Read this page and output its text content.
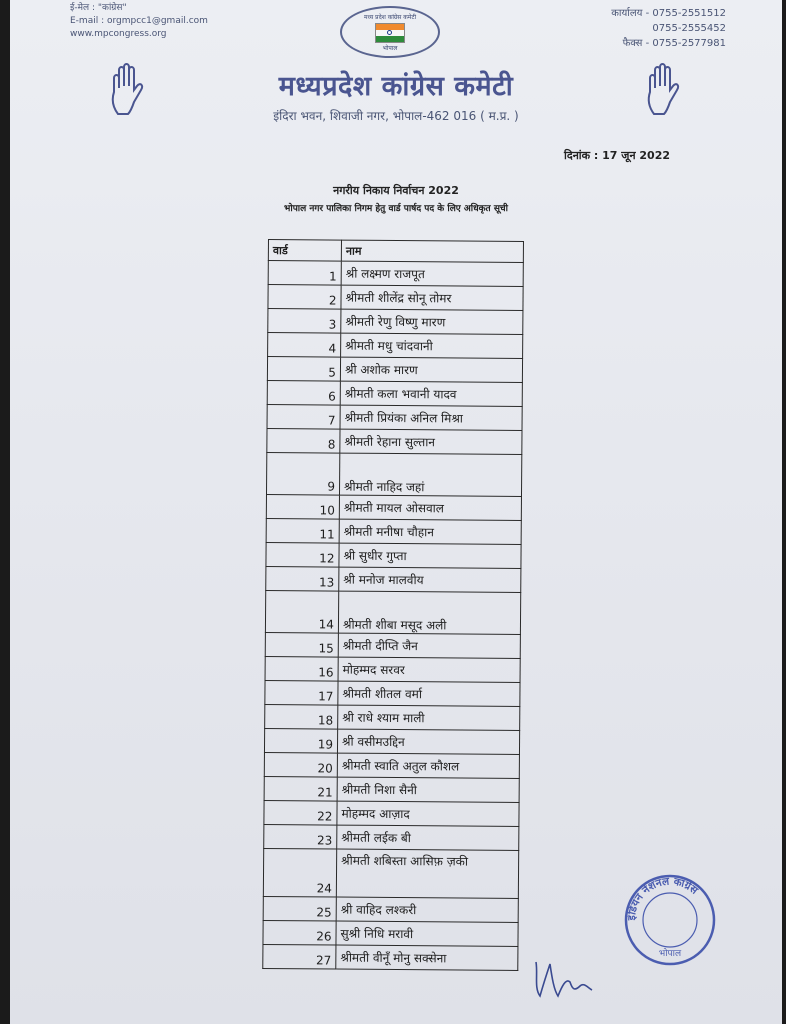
ई-मेल : "कांग्रेस"
E-mail : orgmpcc1@gmail.com
www.mpcongress.org
मध्य प्रदेश कांग्रेस कमेटी
भोपाल
कार्यालय - 0755-2551512
0755-2555452
फैक्स - 0755-2577981
मध्यप्रदेश कांग्रेस कमेटी
इंदिरा भवन, शिवाजी नगर, भोपाल-462 016 ( म.प्र. )
दिनांक : 17 जून 2022
नगरीय निकाय निर्वाचन 2022
भोपाल नगर पालिका निगम हेतु वार्ड पार्षद पद के लिए अधिकृत सूची
वार्ड	नाम
1	श्री लक्ष्मण राजपूत
2	श्रीमती शीलेंद्र सोनू तोमर
3	श्रीमती रेणु विष्णु मारण
4	श्रीमती मधु चांदवानी
5	श्री अशोक मारण
6	श्रीमती कला भवानी यादव
7	श्रीमती प्रियंका अनिल मिश्रा
8	श्रीमती रेहाना सुल्तान
9	श्रीमती नाहिद जहां
10	श्रीमती मायल ओसवाल
11	श्रीमती मनीषा चौहान
12	श्री सुधीर गुप्ता
13	श्री मनोज मालवीय
14	श्रीमती शीबा मसूद अली
15	श्रीमती दीप्ति जैन
16	मोहम्मद सरवर
17	श्रीमती शीतल वर्मा
18	श्री राधे श्याम माली
19	श्री वसीमउद्दिन
20	श्रीमती स्वाति अतुल कौशल
21	श्रीमती निशा सैनी
22	मोहम्मद आज़ाद
23	श्रीमती लईक बी
24	श्रीमती शबिस्ता आसिफ़ ज़की
25	श्री वाहिद लश्करी
26	सुश्री निधि मरावी
27	श्रीमती वीनूँ मोनु सक्सेना
इंडियन नेशनल कांग्रेस
भोपाल
